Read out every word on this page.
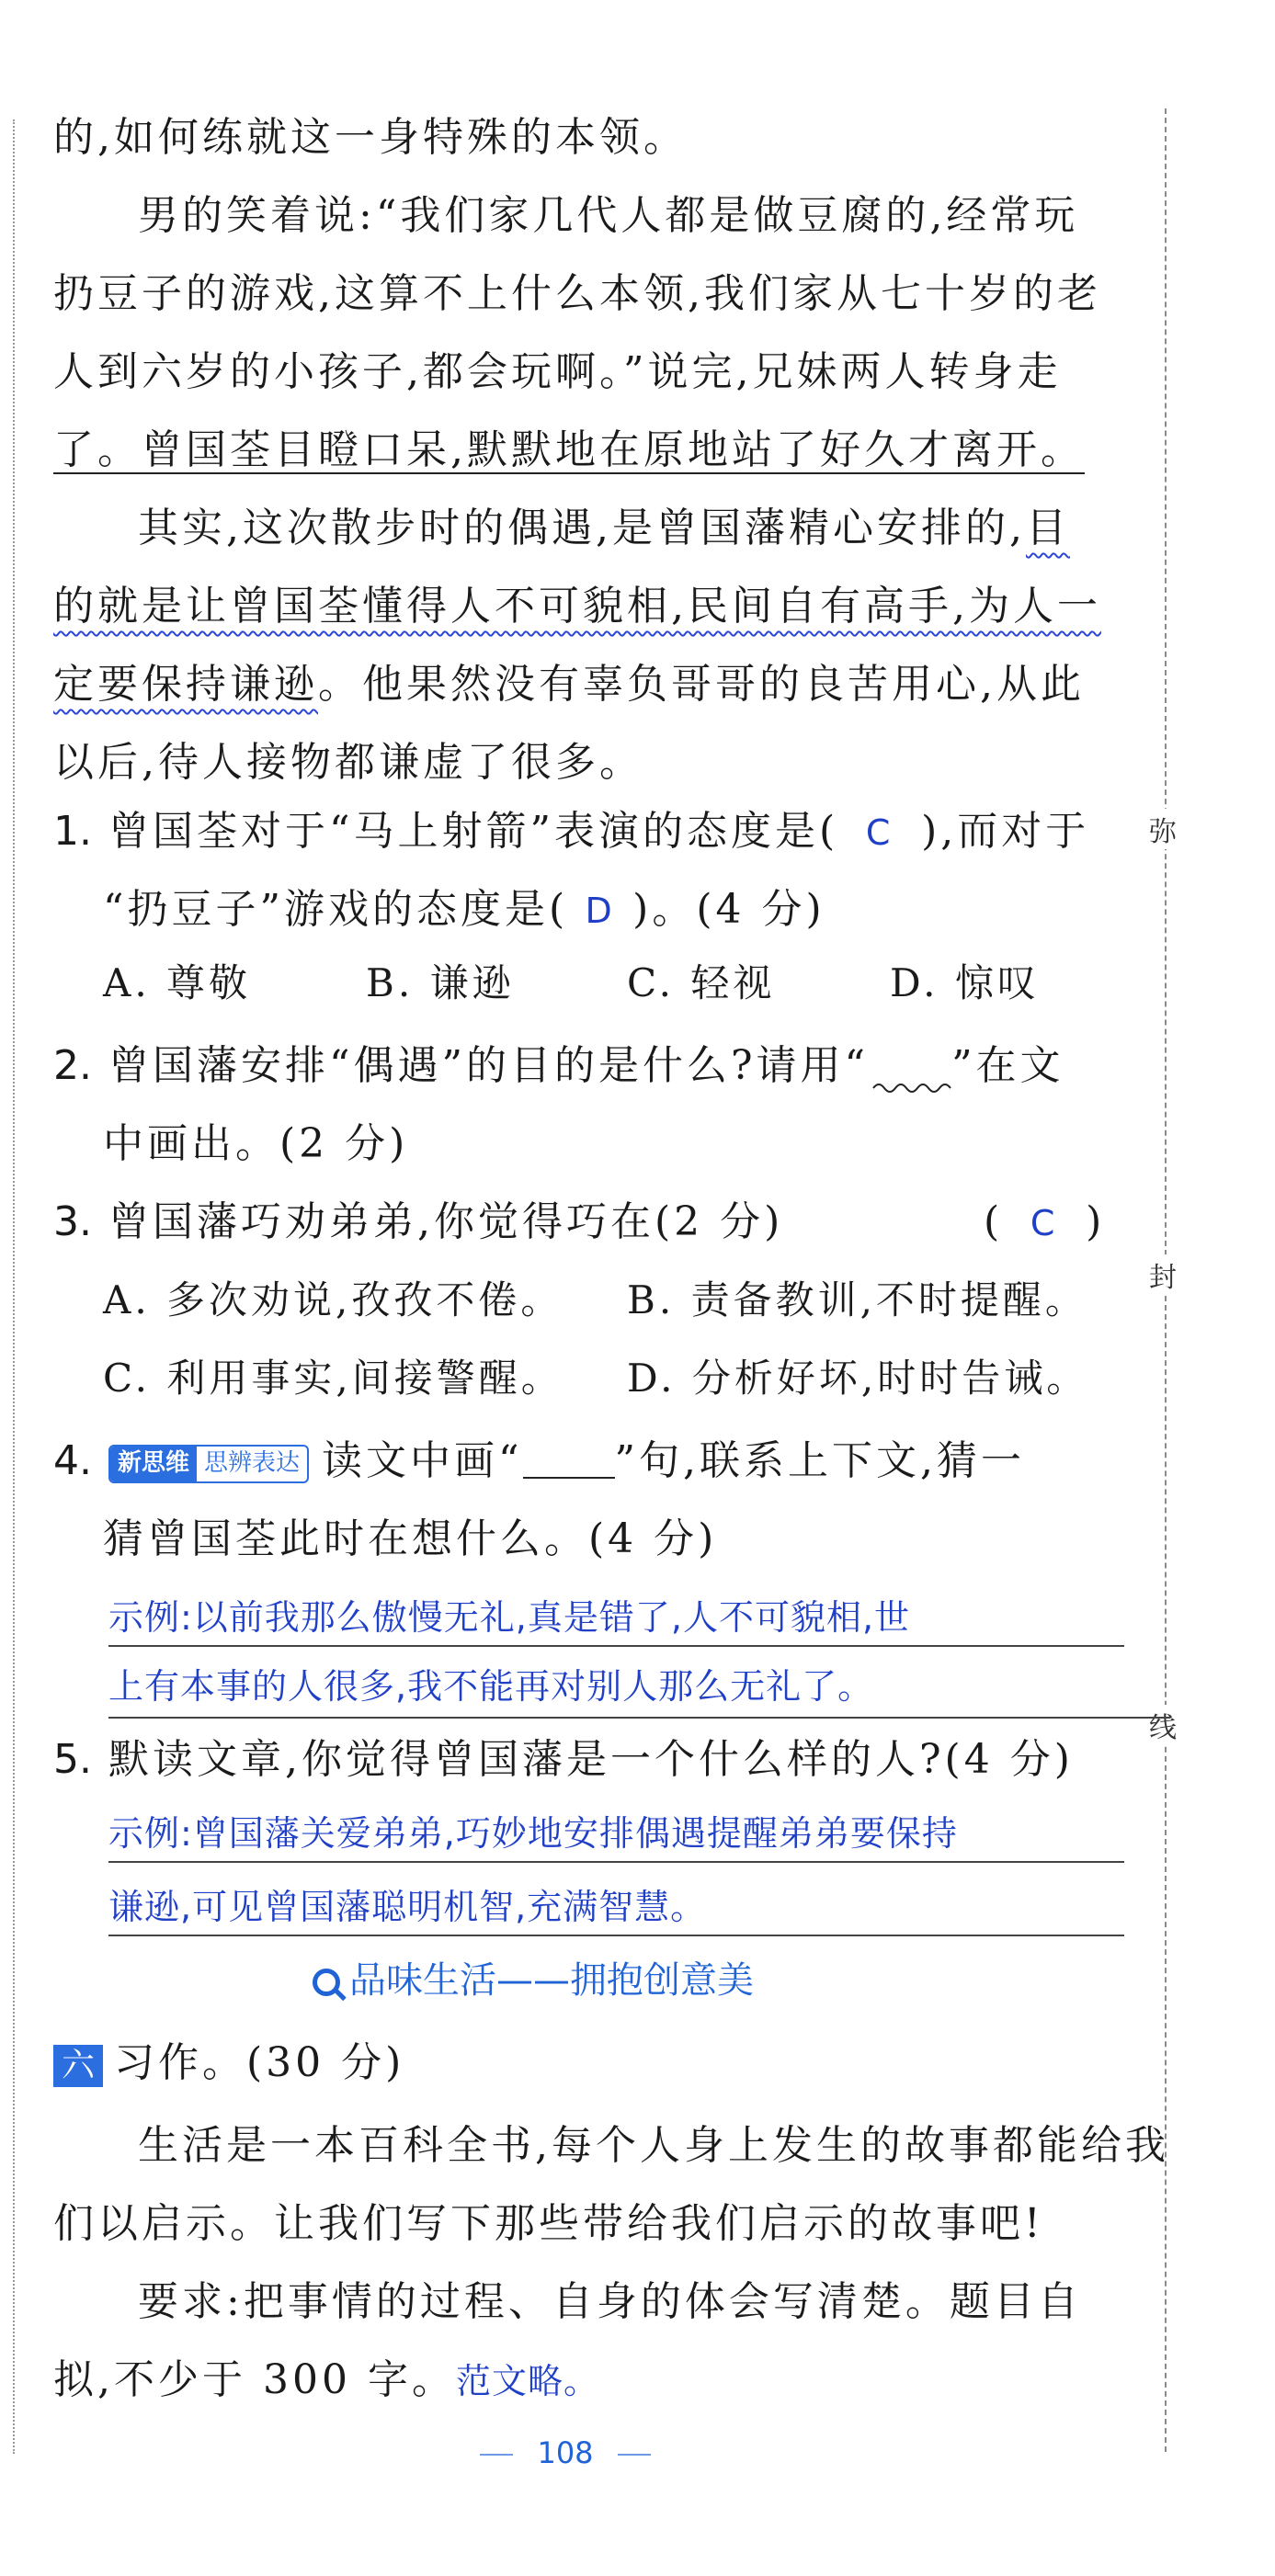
弥
封
线
的,如何练就这一身特殊的本领。
男的笑着说:“我们家几代人都是做豆腐的,经常玩
扔豆子的游戏,这算不上什么本领,我们家从七十岁的老
人到六岁的小孩子,都会玩啊。”说完,兄妹两人转身走
了。曾国荃目瞪口呆,默默地在原地站了好久才离开。
其实,这次散步时的偶遇,是曾国藩精心安排的,目
的就是让曾国荃懂得人不可貌相,民间自有高手,为人一
定要保持谦逊。他果然没有辜负哥哥的良苦用心,从此
以后,待人接物都谦虚了很多。
1. 曾国荃对于“马上射箭”表演的态度是( C ),而对于
“扔豆子”游戏的态度是( D )。(4 分)
A. 尊敬	B. 谦逊	C. 轻视	D. 惊叹
2. 曾国藩安排“偶遇”的目的是什么?请用“ ”在文
中画出。(2 分)
3. 曾国藩巧劝弟弟,你觉得巧在(2 分)	( C )
A. 多次劝说,孜孜不倦。 B. 责备教训,不时提醒。
C. 利用事实,间接警醒。 D. 分析好坏,时时告诫。
4. 新思维 思辨表达 读文中画“ ”句,联系上下文,猜一
猜曾国荃此时在想什么。(4 分)
示例:以前我那么傲慢无礼,真是错了,人不可貌相,世
上有本事的人很多,我不能再对别人那么无礼了。
5. 默读文章,你觉得曾国藩是一个什么样的人?(4 分)
示例:曾国藩关爱弟弟,巧妙地安排偶遇提醒弟弟要保持
谦逊,可见曾国藩聪明机智,充满智慧。
品味生活——拥抱创意美
六 习作。(30 分)
生活是一本百科全书,每个人身上发生的故事都能给我
们以启示。让我们写下那些带给我们启示的故事吧!
要求:把事情的过程、自身的体会写清楚。题目自
拟,不少于 300 字。范文略。
108
